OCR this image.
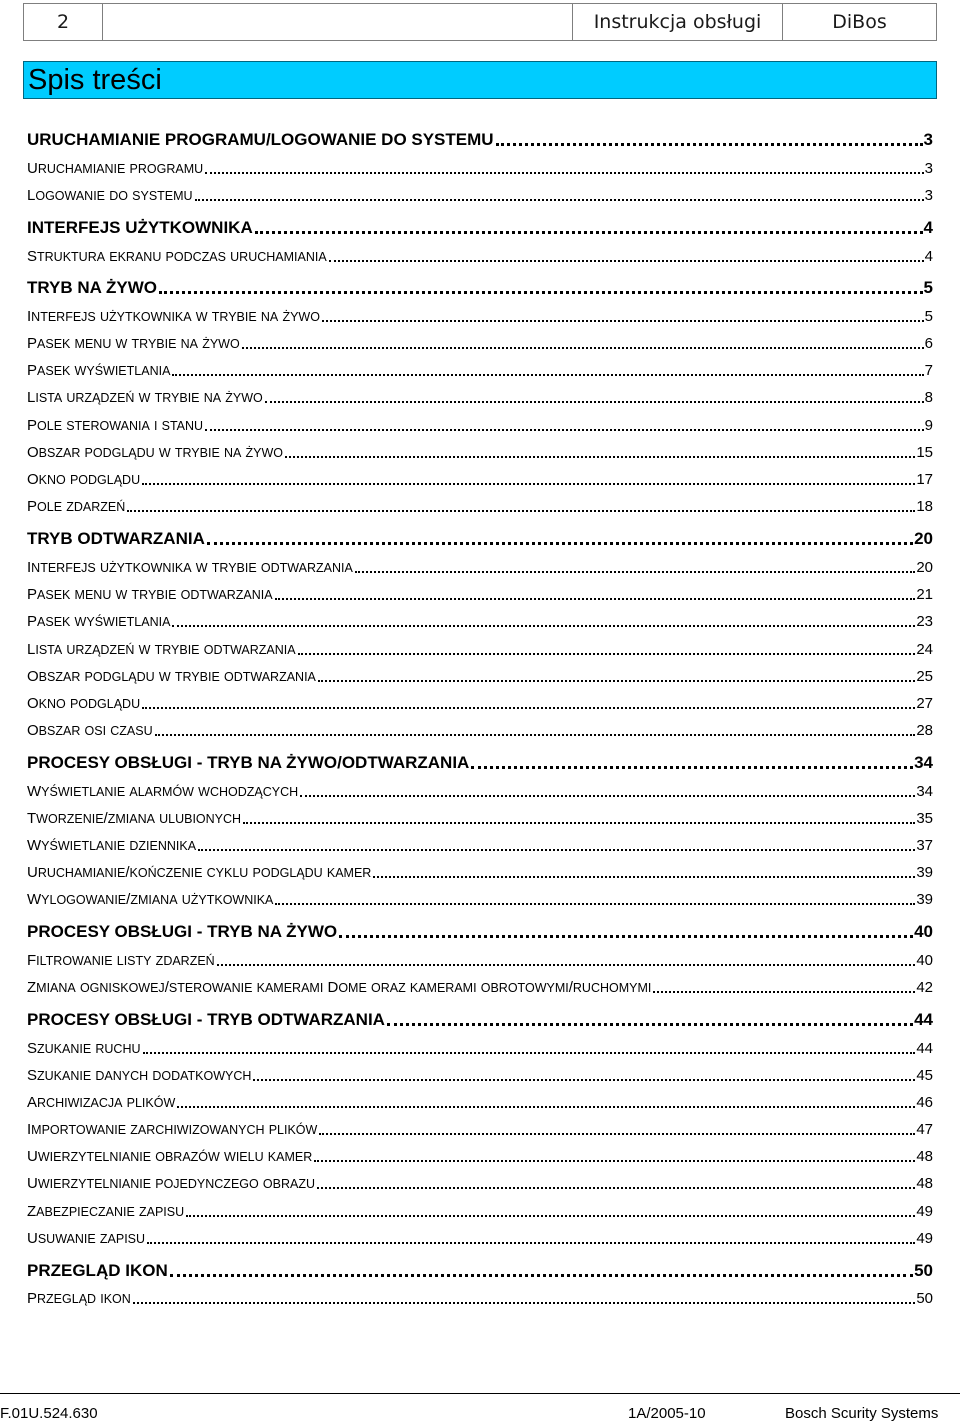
2	Instrukcja obsługi	DiBos
Spis treści
URUCHAMIANIE PROGRAMU/LOGOWANIE DO SYSTEMU	3
URUCHAMIANIE PROGRAMU	3
LOGOWANIE DO SYSTEMU	3
INTERFEJS UŻYTKOWNIKA	4
STRUKTURA EKRANU PODCZAS URUCHAMIANIA	4
TRYB NA ŻYWO	5
INTERFEJS UŻYTKOWNIKA W TRYBIE NA ŻYWO	5
PASEK MENU W TRYBIE NA ŻYWO	6
PASEK WYŚWIETLANIA	7
LISTA URZĄDZEŃ W TRYBIE NA ŻYWO	8
POLE STEROWANIA I STANU	9
OBSZAR PODGLĄDU W TRYBIE NA ŻYWO	15
OKNO PODGLĄDU	17
POLE ZDARZEŃ	18
TRYB ODTWARZANIA	20
INTERFEJS UŻYTKOWNIKA W TRYBIE ODTWARZANIA	20
PASEK MENU W TRYBIE ODTWARZANIA	21
PASEK WYŚWIETLANIA	23
LISTA URZĄDZEŃ W TRYBIE ODTWARZANIA	24
OBSZAR PODGLĄDU W TRYBIE ODTWARZANIA	25
OKNO PODGLĄDU	27
OBSZAR OSI CZASU	28
PROCESY OBSŁUGI - TRYB NA ŻYWO/ODTWARZANIA	34
WYŚWIETLANIE ALARMÓW WCHODZĄCYCH	34
TWORZENIE/ZMIANA ULUBIONYCH	35
WYŚWIETLANIE DZIENNIKA	37
URUCHAMIANIE/KOŃCZENIE CYKLU PODGLĄDU KAMER	39
WYLOGOWANIE/ZMIANA UŻYTKOWNIKA	39
PROCESY OBSŁUGI - TRYB NA ŻYWO	40
FILTROWANIE LISTY ZDARZEŃ	40
ZMIANA OGNISKOWEJ/STEROWANIE KAMERAMI DOME ORAZ KAMERAMI OBROTOWYMI/RUCHOMYMI	42
PROCESY OBSŁUGI - TRYB ODTWARZANIA	44
SZUKANIE RUCHU	44
SZUKANIE DANYCH DODATKOWYCH	45
ARCHIWIZACJA PLIKÓW	46
IMPORTOWANIE ZARCHIWIZOWANYCH PLIKÓW	47
UWIERZYTELNIANIE OBRAZÓW WIELU KAMER	48
UWIERZYTELNIANIE POJEDYNCZEGO OBRAZU	48
ZABEZPIECZANIE ZAPISU	49
USUWANIE ZAPISU	49
PRZEGLĄD IKON	50
PRZEGLĄD IKON	50
F.01U.524.630	1A/2005-10	Bosch Scurity Systems
